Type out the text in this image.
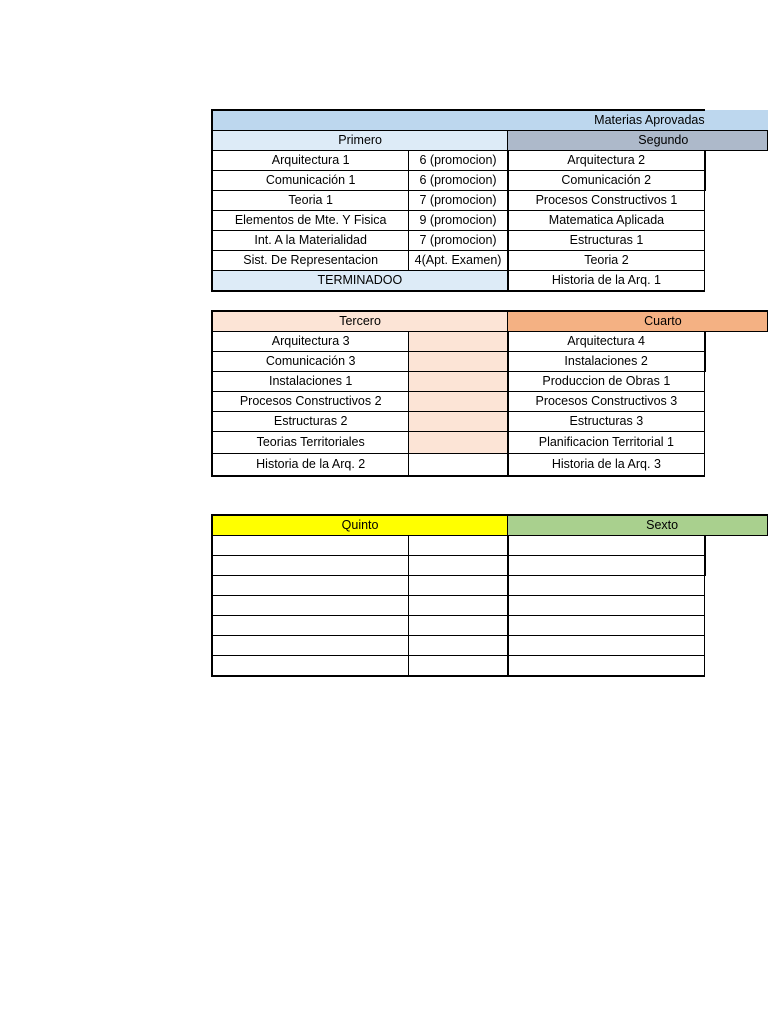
Materias Aprovadas			
Primero		Segundo	
Arquitectura 1	6 (promocion)	Arquitectura 2	
Comunicación 1	6 (promocion)	Comunicación 2	
Teoria 1	7 (promocion)	Procesos Constructivos 1	
Elementos de Mte. Y Fisica	9 (promocion)	Matematica Aplicada	
Int. A la Materialidad	7 (promocion)	Estructuras 1	
Sist. De Representacion	4(Apt. Examen)	Teoria 2	
TERMINADOO		Historia de la Arq. 1	
Tercero		Cuarto	
Arquitectura 3		Arquitectura 4	
Comunicación 3		Instalaciones 2	
Instalaciones 1		Produccion de Obras 1	
Procesos Constructivos 2		Procesos Constructivos 3	
Estructuras 2		Estructuras 3	
Teorias Territoriales		Planificacion Territorial 1	
Historia de la Arq. 2		Historia de la Arq. 3	
Quinto		Sexto	
